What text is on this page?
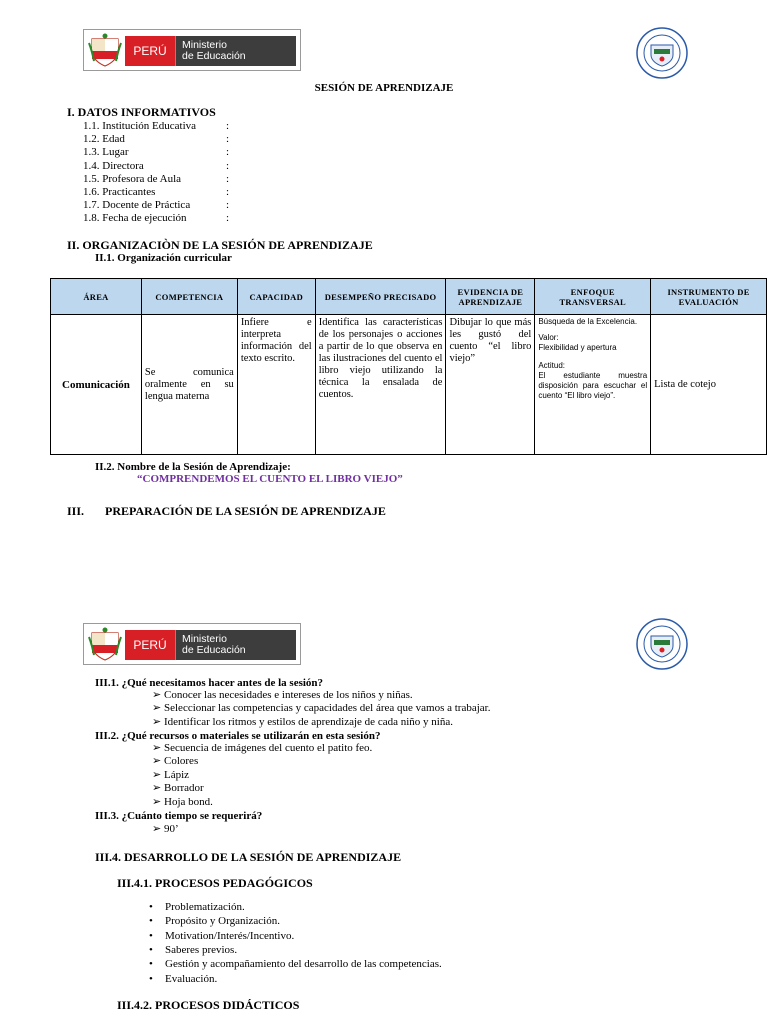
PERÚ	Ministerio
de Educación
SESIÓN DE APRENDIZAJE
I. DATOS INFORMATIVOS
1.1. Institución Educativa	:
1.2. Edad	:
1.3. Lugar	:
1.4. Directora	:
1.5. Profesora de Aula	:
1.6. Practicantes	:
1.7. Docente de Práctica	:
1.8. Fecha de ejecución	:
II. ORGANIZACIÒN DE LA SESIÓN DE APRENDIZAJE
II.1. Organización curricular
ÁREA	COMPETENCIA	CAPACIDAD	DESEMPEÑO PRECISADO	EVIDENCIA DE APRENDIZAJE	ENFOQUE TRANSVERSAL	INSTRUMENTO DE EVALUACIÓN
Comunicación	Se comunica oralmente en su lengua materna	Infiere e interpreta información del texto escrito.	Identifica las características de los personajes o acciones a partir de lo que observa en las ilustraciones del cuento el libro viejo utilizando la técnica la ensalada de cuentos.	Dibujar lo que más les gustó del cuento “el libro viejo”	Búsqueda de la Excelencia.
Valor:
Flexibilidad y apertura
Actitud:
El estudiante muestra disposición para escuchar el cuento “El libro viejo”.	Lista de cotejo
II.2. Nombre de la Sesión de Aprendizaje:
“COMPRENDEMOS EL CUENTO EL LIBRO VIEJO”
III. PREPARACIÓN DE LA SESIÓN DE APRENDIZAJE
PERÚ	Ministerio
de Educación
III.1. ¿Qué necesitamos hacer antes de la sesión?
➢ Conocer las necesidades e intereses de los niños y niñas.
➢ Seleccionar las competencias y capacidades del área que vamos a trabajar.
➢ Identificar los ritmos y estilos de aprendizaje de cada niño y niña.
III.2. ¿Qué recursos o materiales se utilizarán en esta sesión?
➢ Secuencia de imágenes del cuento el patito feo.
➢ Colores
➢ Lápiz
➢ Borrador
➢ Hoja bond.
III.3. ¿Cuánto tiempo se requerirá?
➢ 90’
III.4. DESARROLLO DE LA SESIÓN DE APRENDIZAJE
III.4.1. PROCESOS PEDAGÓGICOS
• Problematización.
• Propósito y Organización.
• Motivation/Interés/Incentivo.
• Saberes previos.
• Gestión y acompañamiento del desarrollo de las competencias.
• Evaluación.
III.4.2. PROCESOS DIDÁCTICOS
